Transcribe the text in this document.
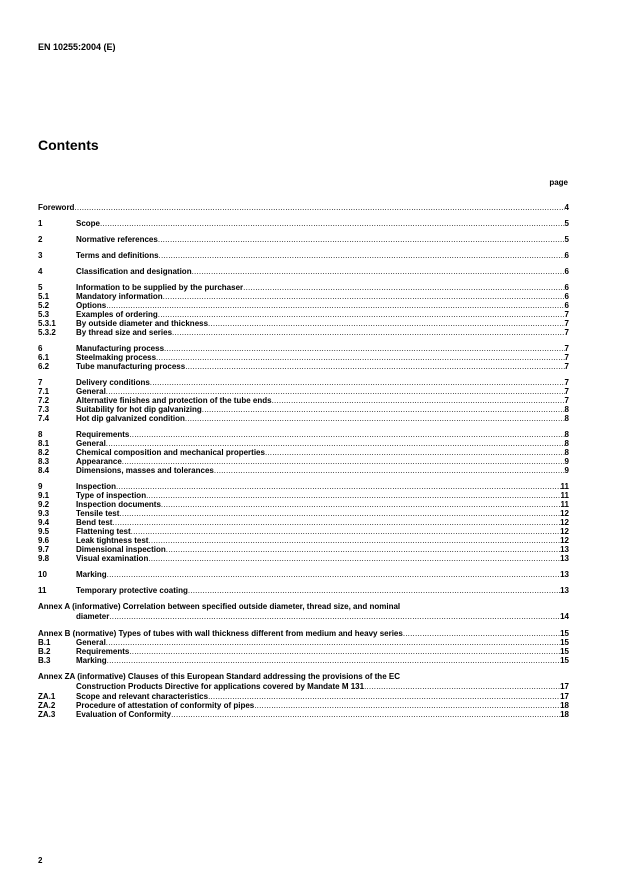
EN 10255:2004 (E)
Contents
page
Foreword .....	4
1	Scope .....	5
2	Normative references .....	5
3	Terms and definitions .....	6
4	Classification and designation .....	6
5	Information to be supplied by the purchaser .....	6
5.1	Mandatory information .....	6
5.2	Options .....	6
5.3	Examples of ordering .....	7
5.3.1	By outside diameter and thickness .....	7
5.3.2	By thread size and series .....	7
6	Manufacturing process .....	7
6.1	Steelmaking process .....	7
6.2	Tube manufacturing process .....	7
7	Delivery conditions .....	7
7.1	General .....	7
7.2	Alternative finishes and protection of the tube ends .....	7
7.3	Suitability for hot dip galvanizing .....	8
7.4	Hot dip galvanized condition .....	8
8	Requirements .....	8
8.1	General .....	8
8.2	Chemical composition and mechanical properties .....	8
8.3	Appearance .....	9
8.4	Dimensions, masses and tolerances .....	9
9	Inspection .....	11
9.1	Type of inspection .....	11
9.2	Inspection documents .....	11
9.3	Tensile test .....	12
9.4	Bend test .....	12
9.5	Flattening test .....	12
9.6	Leak tightness test .....	12
9.7	Dimensional inspection .....	13
9.8	Visual examination .....	13
10	Marking .....	13
11	Temporary protective coating .....	13
Annex A (informative) Correlation between specified outside diameter, thread size, and nominal
diameter .....	14
Annex B (normative) Types of tubes with wall thickness different from medium and heavy series .....	15
B.1	General .....	15
B.2	Requirements .....	15
B.3	Marking .....	15
Annex ZA (informative) Clauses of this European Standard addressing the provisions of the EC
Construction Products Directive for applications covered by Mandate M 131 .....	17
ZA.1	Scope and relevant characteristics .....	17
ZA.2	Procedure of attestation of conformity of pipes .....	18
ZA.3	Evaluation of Conformity .....	18
2
